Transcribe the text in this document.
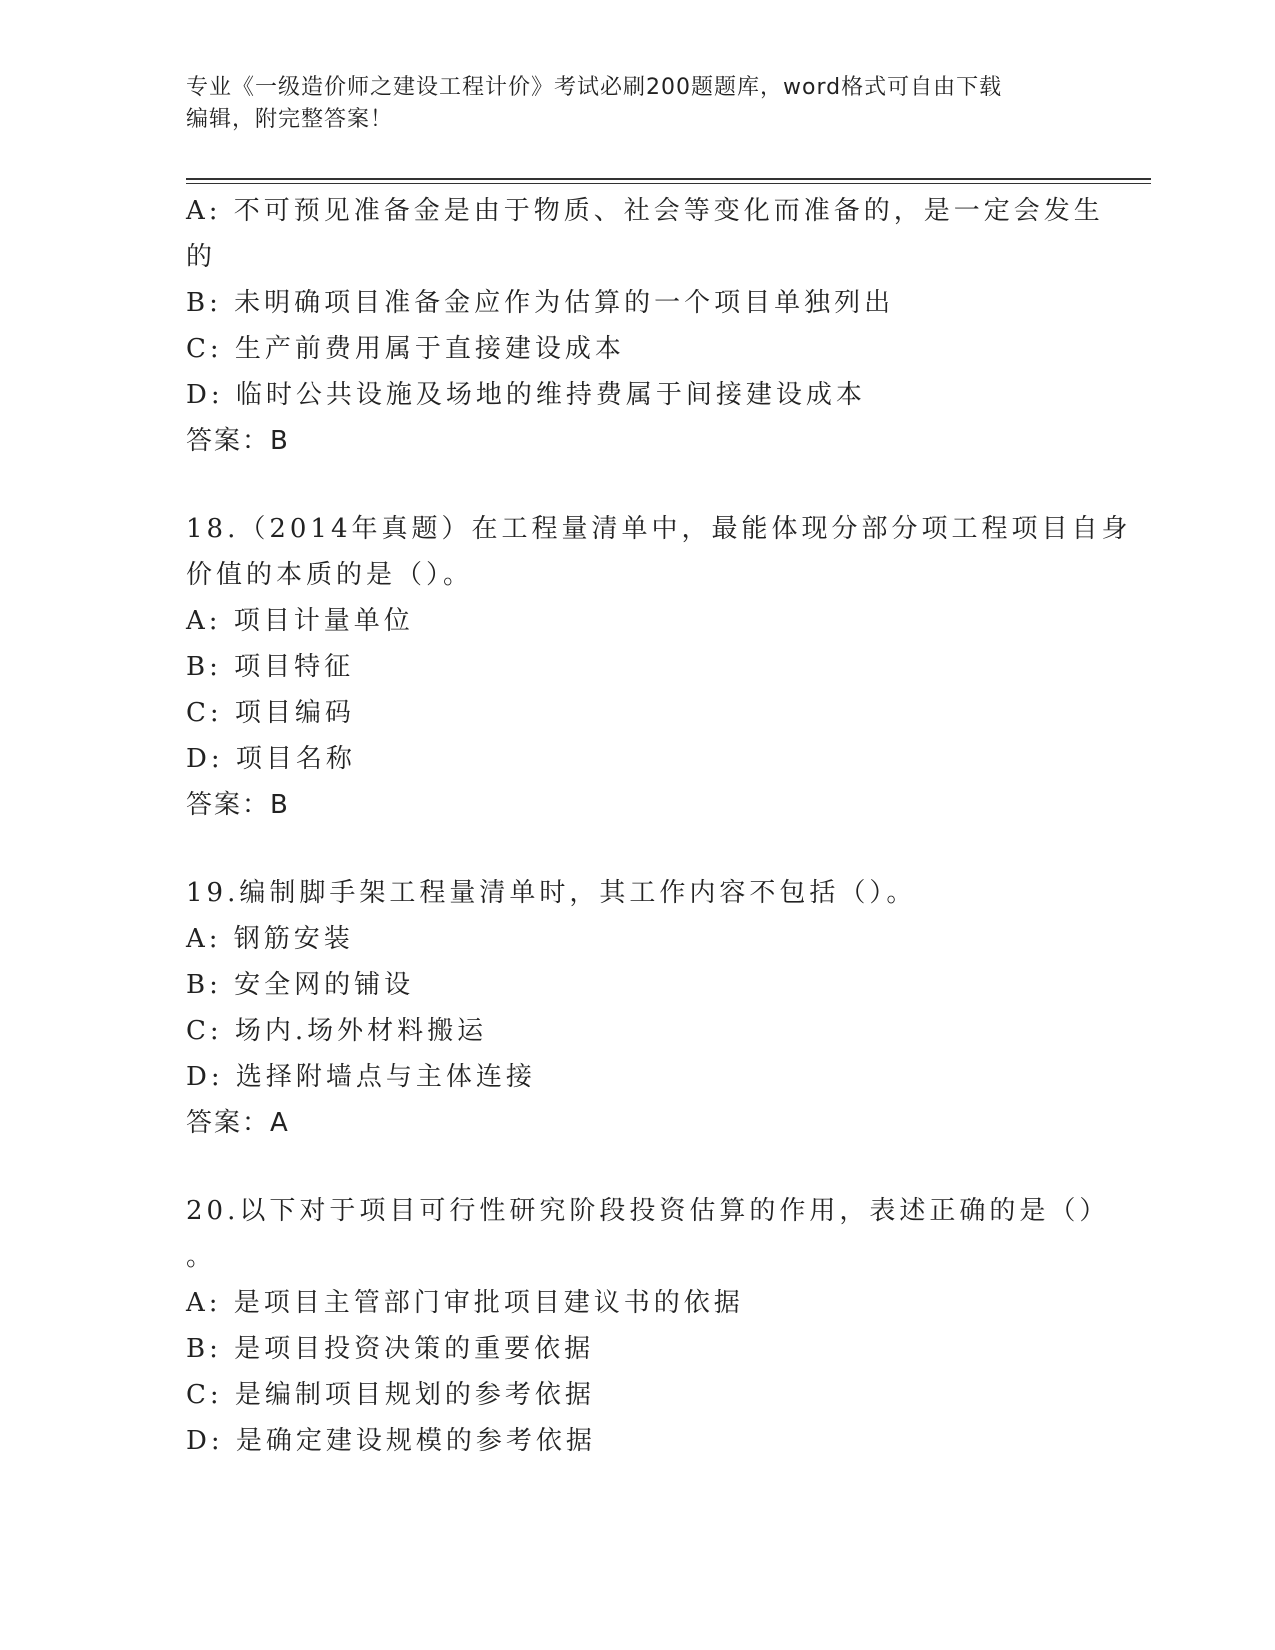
专业《一级造价师之建设工程计价》考试必刷200题题库，word格式可自由下载
编辑，附完整答案！
A: 不可预见准备金是由于物质、社会等变化而准备的，是一定会发生
的
B: 未明确项目准备金应作为估算的一个项目单独列出
C: 生产前费用属于直接建设成本
D: 临时公共设施及场地的维持费属于间接建设成本
答案：B
18.（2014年真题）在工程量清单中，最能体现分部分项工程项目自身
价值的本质的是（）。
A: 项目计量单位
B: 项目特征
C: 项目编码
D: 项目名称
答案：B
19.编制脚手架工程量清单时，其工作内容不包括（）。
A: 钢筋安装
B: 安全网的铺设
C: 场内.场外材料搬运
D: 选择附墙点与主体连接
答案：A
20.以下对于项目可行性研究阶段投资估算的作用，表述正确的是（）
。
A: 是项目主管部门审批项目建议书的依据
B: 是项目投资决策的重要依据
C: 是编制项目规划的参考依据
D: 是确定建设规模的参考依据
